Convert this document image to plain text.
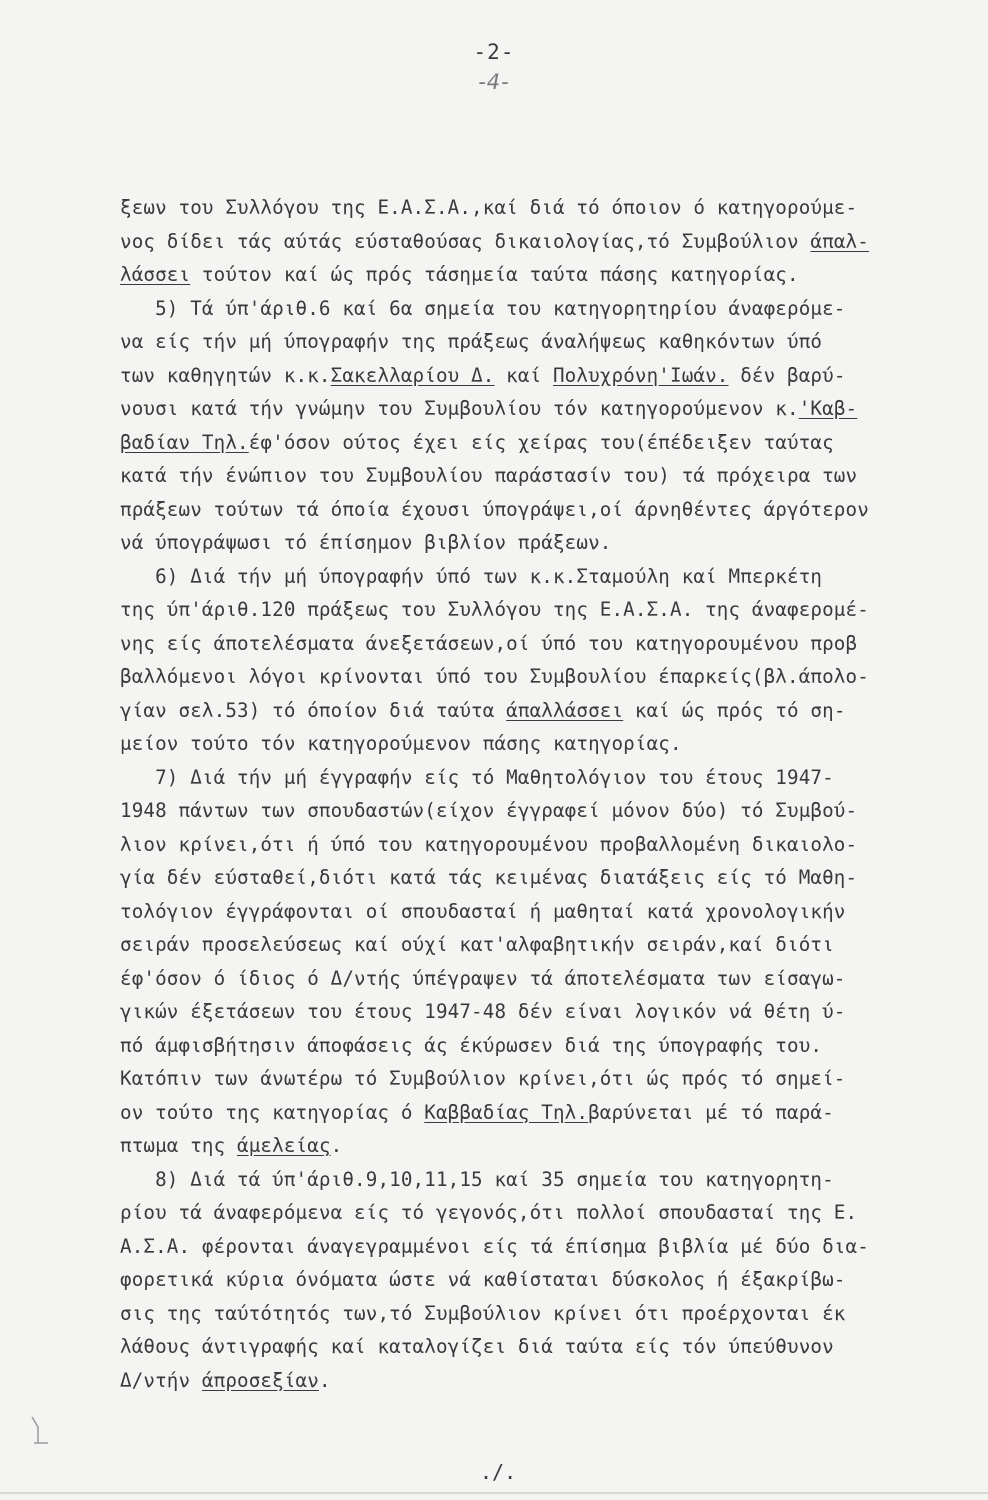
-2-
-4-
ξεων του Συλλόγου της Ε.Α.Σ.Α.,καί διά τό όποιον ό κατηγορούμε-
νος δίδει τάς αύτάς εύσταθούσας δικαιολογίας,τό Συμβούλιον άπαλ-
λάσσει τούτον καί ώς πρός τάσημεία ταύτα πάσης κατηγορίας.
5) Τά ύπ'άριθ.6 καί 6α σημεία του κατηγορητηρίου άναφερόμε-
να είς τήν μή ύπογραφήν της πράξεως άναλήψεως καθηκόντων ύπό
των καθηγητών κ.κ.Σακελλαρίου Δ. καί Πολυχρόνη'Ιωάν. δέν βαρύ-
νουσι κατά τήν γνώμην του Συμβουλίου τόν κατηγορούμενον κ.'Καβ-
βαδίαν Τηλ.έφ'όσον ούτος έχει είς χείρας του(έπέδειξεν ταύτας
κατά τήν ένώπιον του Συμβουλίου παράστασίν του) τά πρόχειρα των
πράξεων τούτων τά όποία έχουσι ύπογράψει,οί άρνηθέντες άργότερον
νά ύπογράψωσι τό έπίσημον βιβλίον πράξεων.
6) Διά τήν μή ύπογραφήν ύπό των κ.κ.Σταμούλη καί Μπερκέτη
της ύπ'άριθ.120 πράξεως του Συλλόγου της Ε.Α.Σ.Α. της άναφερομέ-
νης είς άποτελέσματα άνεξετάσεων,οί ύπό του κατηγορουμένου προβ
βαλλόμενοι λόγοι κρίνονται ύπό του Συμβουλίου έπαρκείς(βλ.άπολο-
γίαν σελ.53) τό όποίον διά ταύτα άπαλλάσσει καί ώς πρός τό ση-
μείον τούτο τόν κατηγορούμενον πάσης κατηγορίας.
7) Διά τήν μή έγγραφήν είς τό Μαθητολόγιον του έτους 1947-
1948 πάντων των σπουδαστών(είχον έγγραφεί μόνον δύο) τό Συμβού-
λιον κρίνει,ότι ή ύπό του κατηγορουμένου προβαλλομένη δικαιολο-
γία δέν εύσταθεί,διότι κατά τάς κειμένας διατάξεις είς τό Μαθη-
τολόγιον έγγράφονται οί σπουδασταί ή μαθηταί κατά χρονολογικήν
σειράν προσελεύσεως καί ούχί κατ'αλφαβητικήν σειράν,καί διότι
έφ'όσον ό ίδιος ό Δ/ντής ύπέγραψεν τά άποτελέσματα των είσαγω-
γικών έξετάσεων του έτους 1947-48 δέν είναι λογικόν νά θέτη ύ-
πό άμφισβήτησιν άποφάσεις άς έκύρωσεν διά της ύπογραφής του.
Κατόπιν των άνωτέρω τό Συμβούλιον κρίνει,ότι ώς πρός τό σημεί-
ον τούτο της κατηγορίας ό Καββαδίας Τηλ.βαρύνεται μέ τό παρά-
πτωμα της άμελείας.
8) Διά τά ύπ'άριθ.9,10,11,15 καί 35 σημεία του κατηγορητη-
ρίου τά άναφερόμενα είς τό γεγονός,ότι πολλοί σπουδασταί της Ε.
Α.Σ.Α. φέρονται άναγεγραμμένοι είς τά έπίσημα βιβλία μέ δύο δια-
φορετικά κύρια όνόματα ώστε νά καθίσταται δύσκολος ή έξακρίβω-
σις της ταύτότητός των,τό Συμβούλιον κρίνει ότι προέρχονται έκ
λάθους άντιγραφής καί καταλογίζει διά ταύτα είς τόν ύπεύθυνον
Δ/ντήν άπροσεξίαν.
./.
